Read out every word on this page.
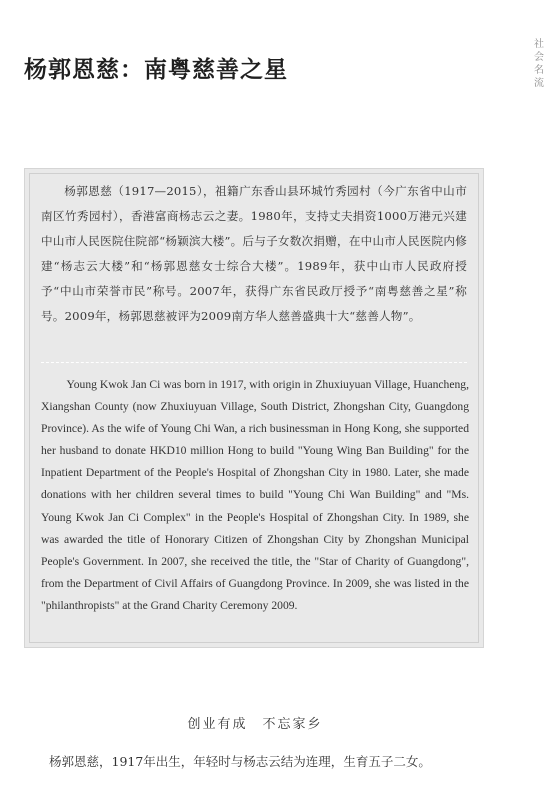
杨郭恩慈：南粤慈善之星
社会名流

杨郭恩慈（1917—2015），祖籍广东香山县环城竹秀园村（今广东省中山市南区竹秀园村），香港富商杨志云之妻。1980年，支持丈夫捐资1000万港元兴建中山市人民医院住院部“杨颖滨大楼”。后与子女数次捐赠，在中山市人民医院内修建“杨志云大楼”和“杨郭恩慈女士综合大楼”。1989年，获中山市人民政府授予“中山市荣誉市民”称号。2007年，获得广东省民政厅授予“南粤慈善之星”称号。2009年，杨郭恩慈被评为2009南方华人慈善盛典十大“慈善人物”。

Young Kwok Jan Ci was born in 1917, with origin in Zhuxiuyuan Village, Huancheng, Xiangshan County (now Zhuxiuyuan Village, South District, Zhongshan City, Guangdong Province). As the wife of Young Chi Wan, a rich businessman in Hong Kong, she supported her husband to donate HKD10 million Hong to build "Young Wing Ban Building" for the Inpatient Department of the People's Hospital of Zhongshan City in 1980. Later, she made donations with her children several times to build "Young Chi Wan Building" and "Ms. Young Kwok Jan Ci Complex" in the People's Hospital of Zhongshan City. In 1989, she was awarded the title of Honorary Citizen of Zhongshan City by Zhongshan Municipal People's Government. In 2007, she received the title, the "Star of Charity of Guangdong", from the Department of Civil Affairs of Guangdong Province. In 2009, she was listed in the "philanthropists" at the Grand Charity Ceremony 2009.

创业有成　不忘家乡

杨郭恩慈，1917年出生，年轻时与杨志云结为连理，生育五子二女。
